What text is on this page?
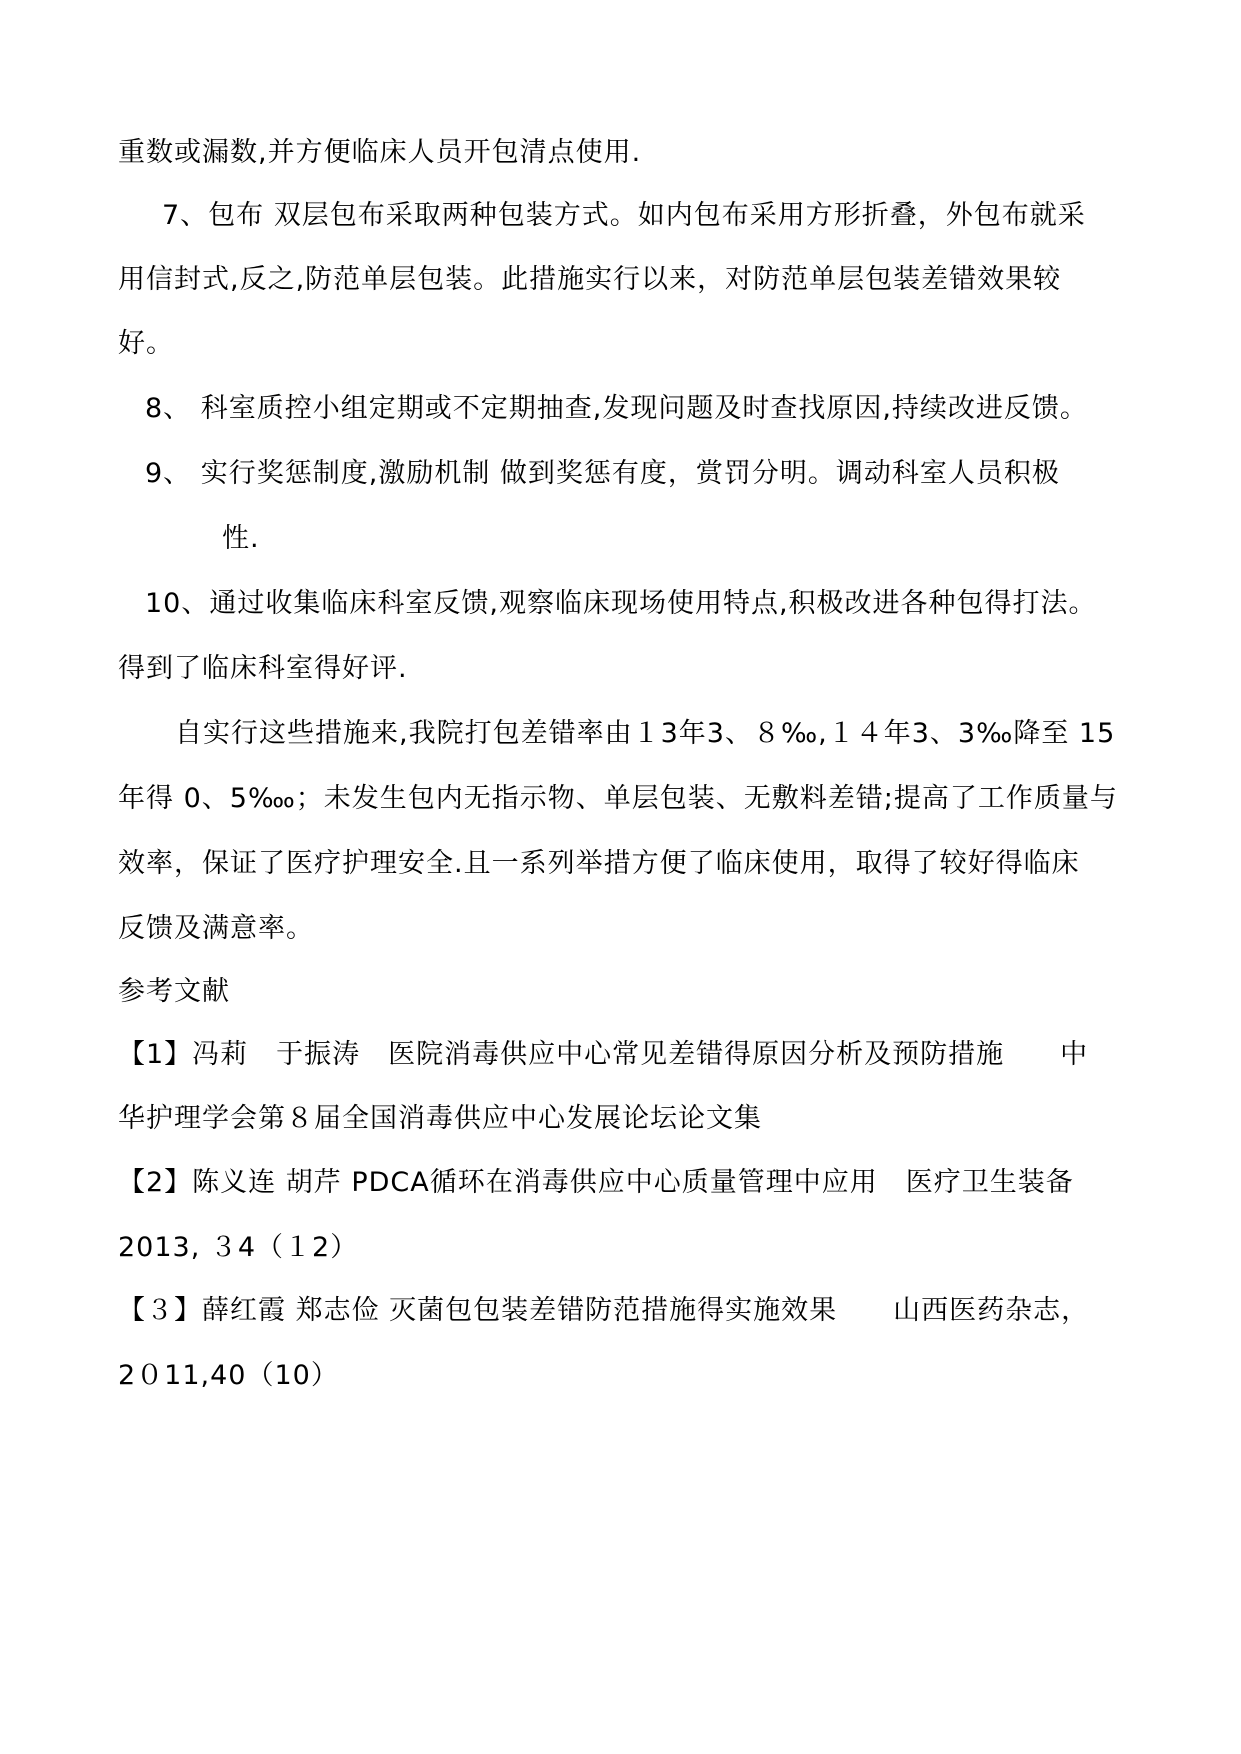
重数或漏数,并方便临床人员开包清点使用.
7、包布 双层包布采取两种包装方式。如内包布采用方形折叠，外包布就采
用信封式,反之,防范单层包装。此措施实行以来，对防范单层包装差错效果较
好。
8、 科室质控小组定期或不定期抽查,发现问题及时查找原因,持续改进反馈。
9、 实行奖惩制度,激励机制 做到奖惩有度，赏罚分明。调动科室人员积极
性.
10、通过收集临床科室反馈,观察临床现场使用特点,积极改进各种包得打法。
得到了临床科室得好评.
自实行这些措施来,我院打包差错率由１3年3、８‰,１４年3、3‰降至 15
年得 0、5‱；未发生包内无指示物、单层包装、无敷料差错;提高了工作质量与
效率，保证了医疗护理安全.且一系列举措方便了临床使用，取得了较好得临床
反馈及满意率。
参考文献
【1】冯莉　于振涛　医院消毒供应中心常见差错得原因分析及预防措施　　中
华护理学会第８届全国消毒供应中心发展论坛论文集
【2】陈义连 胡芹 PDCA循环在消毒供应中心质量管理中应用　医疗卫生装备
2013, ３4（１2）
【３】薛红霞 郑志俭 灭菌包包装差错防范措施得实施效果　　山西医药杂志，
2０11,40（10）
